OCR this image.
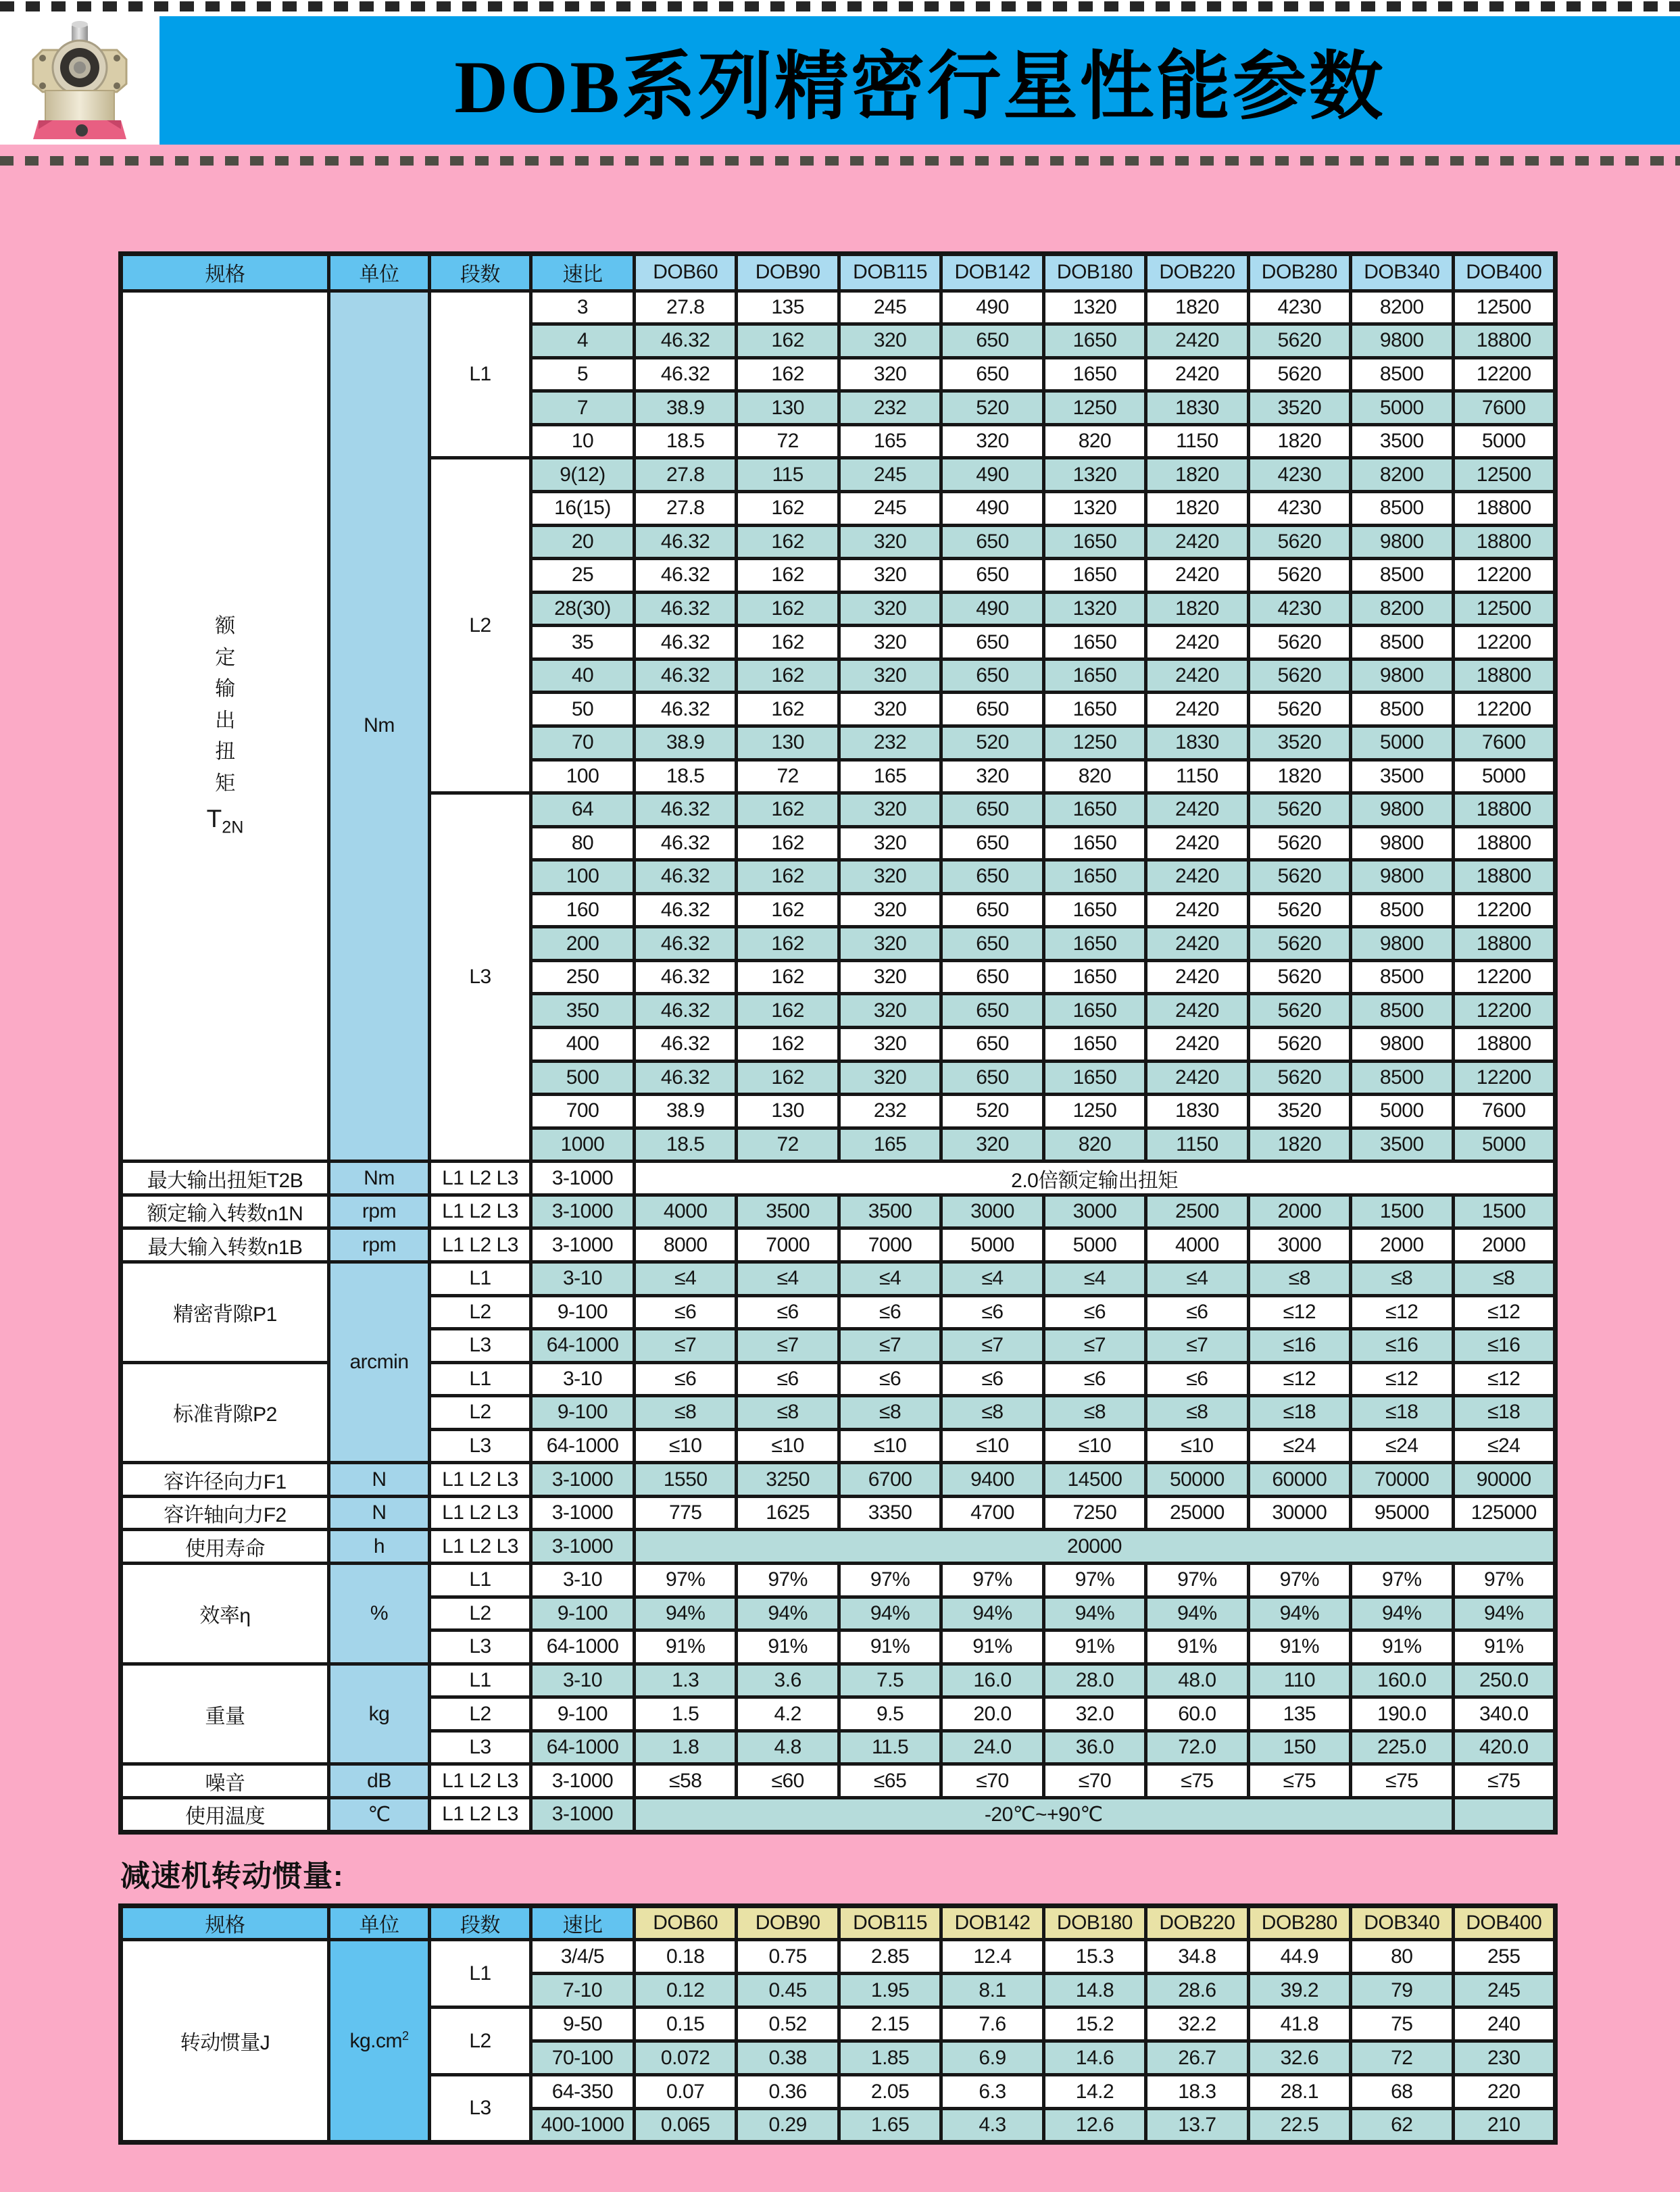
DOB系列精密行星性能参数
规格	单位	段数	速比	DOB60	DOB90	DOB115	DOB142	DOB180	DOB220	DOB280	DOB340	DOB400
额
定
输
出
扭
矩
$T_{2N}$	Nm	L1	3	27.8	135	245	490	1320	1820	4230	8200	12500
			4	46.32	162	320	650	1650	2420	5620	9800	18800
			5	46.32	162	320	650	1650	2420	5620	8500	12200
			7	38.9	130	232	520	1250	1830	3520	5000	7600
			10	18.5	72	165	320	820	1150	1820	3500	5000
		L2	9(12)	27.8	115	245	490	1320	1820	4230	8200	12500
			16(15)	27.8	162	245	490	1320	1820	4230	8500	18800
			20	46.32	162	320	650	1650	2420	5620	9800	18800
			25	46.32	162	320	650	1650	2420	5620	8500	12200
			28(30)	46.32	162	320	490	1320	1820	4230	8200	12500
			35	46.32	162	320	650	1650	2420	5620	8500	12200
			40	46.32	162	320	650	1650	2420	5620	9800	18800
			50	46.32	162	320	650	1650	2420	5620	8500	12200
			70	38.9	130	232	520	1250	1830	3520	5000	7600
			100	18.5	72	165	320	820	1150	1820	3500	5000
		L3	64	46.32	162	320	650	1650	2420	5620	9800	18800
			80	46.32	162	320	650	1650	2420	5620	9800	18800
			100	46.32	162	320	650	1650	2420	5620	9800	18800
			160	46.32	162	320	650	1650	2420	5620	8500	12200
			200	46.32	162	320	650	1650	2420	5620	9800	18800
			250	46.32	162	320	650	1650	2420	5620	8500	12200
			350	46.32	162	320	650	1650	2420	5620	8500	12200
			400	46.32	162	320	650	1650	2420	5620	9800	18800
			500	46.32	162	320	650	1650	2420	5620	8500	12200
			700	38.9	130	232	520	1250	1830	3520	5000	7600
			1000	18.5	72	165	320	820	1150	1820	3500	5000
最大输出扭矩T2B	Nm	L1 L2 L3	3-1000	2.0倍额定输出扭矩								
额定输入转数n1N	rpm	L1 L2 L3	3-1000	4000	3500	3500	3000	3000	2500	2000	1500	1500
最大输入转数n1B	rpm	L1 L2 L3	3-1000	8000	7000	7000	5000	5000	4000	3000	2000	2000
精密背隙P1	arcmin	L1	3-10	≤4	≤4	≤4	≤4	≤4	≤4	≤8	≤8	≤8
		L2	9-100	≤6	≤6	≤6	≤6	≤6	≤6	≤12	≤12	≤12
		L3	64-1000	≤7	≤7	≤7	≤7	≤7	≤7	≤16	≤16	≤16
标准背隙P2		L1	3-10	≤6	≤6	≤6	≤6	≤6	≤6	≤12	≤12	≤12
		L2	9-100	≤8	≤8	≤8	≤8	≤8	≤8	≤18	≤18	≤18
		L3	64-1000	≤10	≤10	≤10	≤10	≤10	≤10	≤24	≤24	≤24
容许径向力F1	N	L1 L2 L3	3-1000	1550	3250	6700	9400	14500	50000	60000	70000	90000
容许轴向力F2	N	L1 L2 L3	3-1000	775	1625	3350	4700	7250	25000	30000	95000	125000
使用寿命	h	L1 L2 L3	3-1000	20000								
效率η	%	L1	3-10	97%	97%	97%	97%	97%	97%	97%	97%	97%
		L2	9-100	94%	94%	94%	94%	94%	94%	94%	94%	94%
		L3	64-1000	91%	91%	91%	91%	91%	91%	91%	91%	91%
重量	kg	L1	3-10	1.3	3.6	7.5	16.0	28.0	48.0	110	160.0	250.0
		L2	9-100	1.5	4.2	9.5	20.0	32.0	60.0	135	190.0	340.0
		L3	64-1000	1.8	4.8	11.5	24.0	36.0	72.0	150	225.0	420.0
噪音	dB	L1 L2 L3	3-1000	≤58	≤60	≤65	≤70	≤70	≤75	≤75	≤75	≤75
使用温度	℃	L1 L2 L3	3-1000	-20℃~+90℃								
减速机转动惯量:
规格	单位	段数	速比	DOB60	DOB90	DOB115	DOB142	DOB180	DOB220	DOB280	DOB340	DOB400
转动惯量J	$kg.cm^2$	L1	3/4/5	0.18	0.75	2.85	12.4	15.3	34.8	44.9	80	255
			7-10	0.12	0.45	1.95	8.1	14.8	28.6	39.2	79	245
		L2	9-50	0.15	0.52	2.15	7.6	15.2	32.2	41.8	75	240
			70-100	0.072	0.38	1.85	6.9	14.6	26.7	32.6	72	230
		L3	64-350	0.07	0.36	2.05	6.3	14.2	18.3	28.1	68	220
			400-1000	0.065	0.29	1.65	4.3	12.6	13.7	22.5	62	210
